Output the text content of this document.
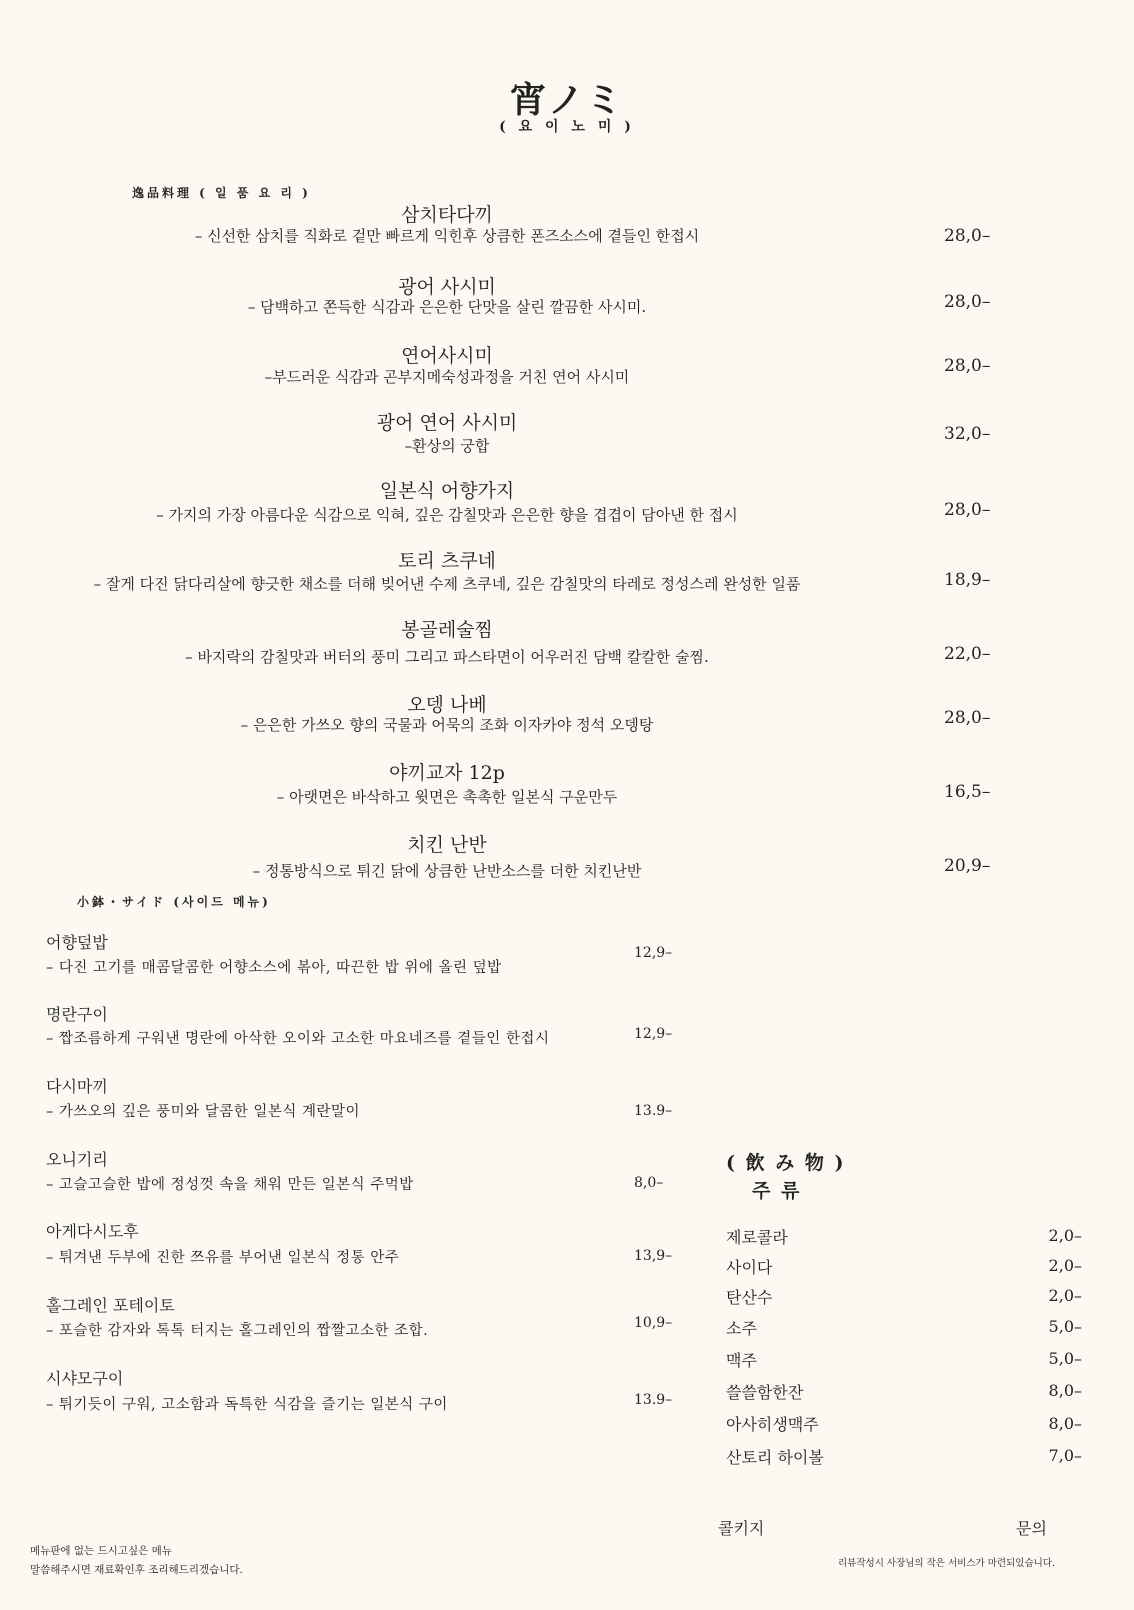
宵ノミ
( 요 이 노 미 )
逸品料理 ( 일 품 요 리 )
삼치타다끼
– 신선한 삼치를 직화로 겉만 빠르게 익힌후 상큼한 폰즈소스에 곁들인 한접시	28,0–
광어 사시미
– 담백하고 쫀득한 식감과 은은한 단맛을 살린 깔끔한 사시미.	28,0–
연어사시미
–부드러운 식감과 곤부지메숙성과정을 거친 연어 사시미
28,0–
광어 연어 사시미
–환상의 궁합
32,0–
일본식 어향가지
– 가지의 가장 아름다운 식감으로 익혀, 깊은 감칠맛과 은은한 향을 겹겹이 담아낸 한 접시	28,0–
토리 츠쿠네
– 잘게 다진 닭다리살에 향긋한 채소를 더해 빚어낸 수제 츠쿠네, 깊은 감칠맛의 타레로 정성스레 완성한 일품	18,9–
봉골레술찜
– 바지락의 감칠맛과 버터의 풍미 그리고 파스타면이 어우러진 담백 칼칼한 술찜.	22,0–
오뎅 나베
– 은은한 가쓰오 향의 국물과 어묵의 조화 이자카야 정석 오뎅탕	28,0–
야끼교자 12p
– 아랫면은 바삭하고 윗면은 촉촉한 일본식 구운만두	16,5–
치킨 난반
– 정통방식으로 튀긴 닭에 상큼한 난반소스를 더한 치킨난반	20,9–
小鉢・サイド (사이드 메뉴)
어향덮밥
– 다진 고기를 매콤달콤한 어향소스에 볶아, 따끈한 밥 위에 올린 덮밥
12,9–
명란구이
– 짭조름하게 구워낸 명란에 아삭한 오이와 고소한 마요네즈를 곁들인 한접시	12,9–
다시마끼
– 가쓰오의 깊은 풍미와 달콤한 일본식 계란말이	13.9–
오니기리
– 고슬고슬한 밥에 정성껏 속을 채워 만든 일본식 주먹밥	8,0–
아게다시도후
– 튀겨낸 두부에 진한 쯔유를 부어낸 일본식 정통 안주	13,9–
홀그레인 포테이토
– 포슬한 감자와 톡톡 터지는 홀그레인의 짭짤고소한 조합.	10,9–
시샤모구이
– 튀기듯이 구워, 고소함과 독특한 식감을 즐기는 일본식 구이	13.9–
( 飲 み 物 )
주 류
제로콜라	2,0–
사이다	2,0–
탄산수	2,0–
소주	5,0–
맥주	5,0–
쓸쓸함한잔	8,0–
아사히생맥주	8,0–
산토리 하이볼	7,0–
콜키지	문의
메뉴판에 없는 드시고싶은 메뉴
말씀해주시면 재료확인후 조리해드리겠습니다.
리뷰작성시 사장님의 작은 서비스가 마련되있습니다.
